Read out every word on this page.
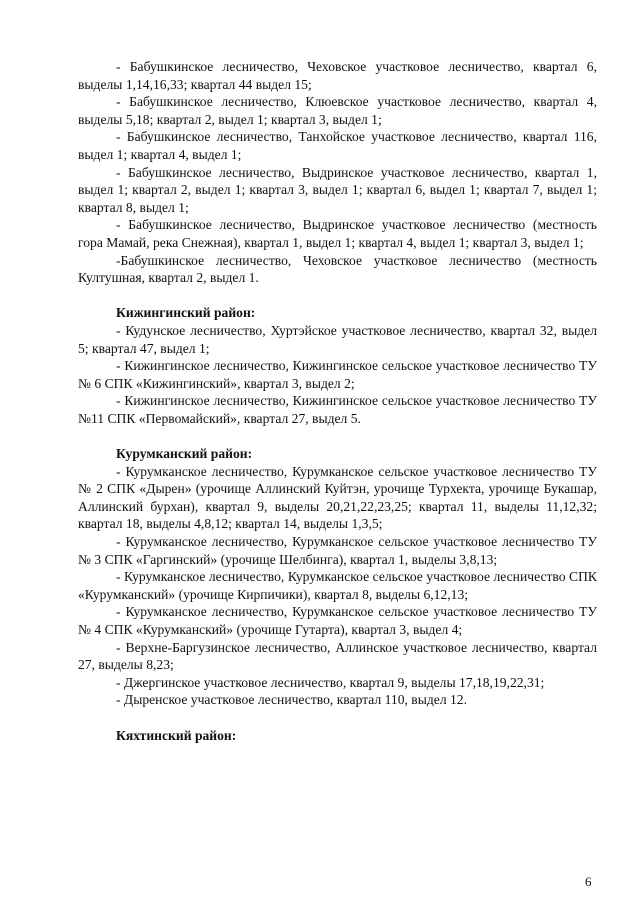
- Бабушкинское лесничество, Чеховское участковое лесничество, квартал 6, выделы 1,14,16,33; квартал 44 выдел 15;

- Бабушкинское лесничество, Клюевское участковое лесничество, квартал 4, выделы 5,18; квартал 2, выдел 1; квартал 3, выдел 1;

- Бабушкинское лесничество, Танхойское участковое лесничество, квартал 116, выдел 1; квартал 4, выдел 1;

- Бабушкинское лесничество, Выдринское участковое лесничество, квартал 1, выдел 1; квартал 2, выдел 1; квартал 3, выдел 1; квартал 6, выдел 1; квартал 7, выдел 1; квартал 8, выдел 1;

- Бабушкинское лесничество, Выдринское участковое лесничество (местность гора Мамай, река Снежная), квартал 1, выдел 1; квартал 4, выдел 1; квартал 3, выдел 1;

-Бабушкинское лесничество, Чеховское участковое лесничество (местность Култушная, квартал 2, выдел 1.

Кижингинский район:

- Кудунское лесничество, Хуртэйское участковое лесничество, квартал 32, выдел 5; квартал 47, выдел 1;

- Кижингинское лесничество, Кижингинское сельское участковое лесничество ТУ № 6 СПК «Кижингинский», квартал 3, выдел 2;

- Кижингинское лесничество, Кижингинское сельское участковое лесничество ТУ №11 СПК «Первомайский», квартал 27, выдел 5.

Курумканский район:

- Курумканское лесничество, Курумканское сельское участковое лесничество ТУ № 2 СПК «Дырен» (урочище Аллинский Куйтэн, урочище Турхекта, урочище Букашар, Аллинский бурхан), квартал 9, выделы 20,21,22,23,25; квартал 11, выделы 11,12,32; квартал 18, выделы 4,8,12; квартал 14, выделы 1,3,5;

- Курумканское лесничество, Курумканское сельское участковое лесничество ТУ № 3 СПК «Гаргинский» (урочище Шелбинга), квартал 1, выделы 3,8,13;

- Курумканское лесничество, Курумканское сельское участковое лесничество СПК «Курумканский» (урочище Кирпичики), квартал 8, выделы 6,12,13;

- Курумканское лесничество, Курумканское сельское участковое лесничество ТУ № 4 СПК «Курумканский» (урочище Гутарта), квартал 3, выдел 4;

- Верхне-Баргузинское лесничество, Аллинское участковое лесничество, квартал 27, выделы 8,23;

- Джергинское участковое лесничество, квартал 9, выделы 17,18,19,22,31;

- Дыренское участковое лесничество, квартал 110, выдел 12.

Кяхтинский район:
6
